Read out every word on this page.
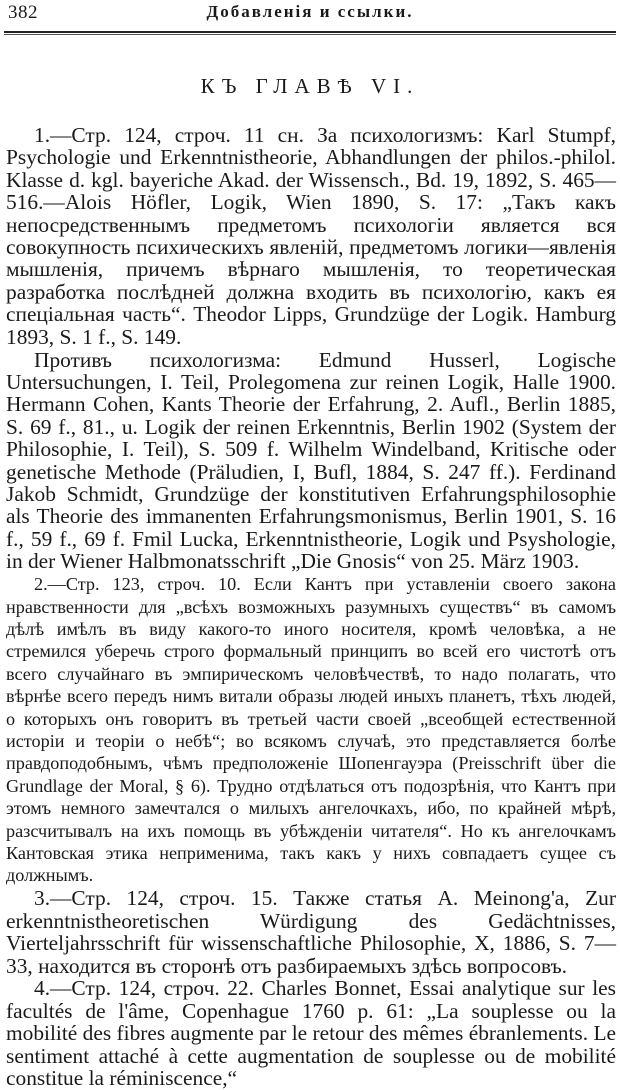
382	Добавленія и ссылки.
КЪ ГЛАВѢ VI.

1.—Стр. 124, строч. 11 сн. За психологизмъ: Karl Stumpf, Psychologie und Erkenntnistheorie, Abhandlungen der philos.-philol. Klasse d. kgl. bayeriche Akad. der Wissensch., Bd. 19, 1892, S. 465—516.—Alois Höfler, Logik, Wien 1890, S. 17: „Такъ какъ непосредственнымъ предметомъ психологіи является вся совокупность психическихъ явленій, предметомъ логики—явленія мышленія, причемъ вѣрнаго мышленія, то теоретическая разработка послѣдней должна входить въ психологію, какъ ея спеціальная часть“. Theodor Lipps, Grundzüge der Logik. Hamburg 1893, S. 1 f., S. 149.

Противъ психологизма: Edmund Husserl, Logische Untersuchungen, I. Teil, Prolegomena zur reinen Logik, Halle 1900. Hermann Cohen, Kants Theorie der Erfahrung, 2. Aufl., Berlin 1885, S. 69 f., 81., u. Logik der reinen Erkenntnis, Berlin 1902 (System der Philosophie, I. Teil), S. 509 f. Wilhelm Windelband, Kritische oder genetische Methode (Präludien, I, Bufl, 1884, S. 247 ff.). Ferdinand Jakob Schmidt, Grundzüge der konstitutiven Erfahrungsphilosophie als Theorie des immanenten Erfahrungsmonismus, Berlin 1901, S. 16 f., 59 f., 69 f. Fmil Lucka, Erkenntnistheorie, Logik und Psyshologie, in der Wiener Halbmonatsschrift „Die Gnosis“ von 25. März 1903.

2.—Стр. 123, строч. 10. Если Кантъ при уставленіи своего закона нравственности для „всѣхъ возможныхъ разумныхъ существъ“ въ самомъ дѣлѣ имѣлъ въ виду какого-то иного носителя, кромѣ человѣка, а не стремился уберечь строго формальный принципъ во всей его чистотѣ отъ всего случайнаго въ эмпирическомъ человѣчествѣ, то надо полагать, что вѣрнѣе всего передъ нимъ витали образы людей иныхъ планетъ, тѣхъ людей, о которыхъ онъ говоритъ въ третьей части своей „всеобщей естественной исторіи и теоріи о небѣ“; во всякомъ случаѣ, это представляется болѣе правдоподобнымъ, чѣмъ предположеніе Шопенгауэра (Preisschrift über die Grundlage der Moral, § 6). Трудно отдѣлаться отъ подозрѣнія, что Кантъ при этомъ немного замечтался о милыхъ ангелочкахъ, ибо, по крайней мѣрѣ, разсчитывалъ на ихъ помощь въ убѣжденіи читателя“. Но къ ангелочкамъ Кантовская этика неприменима, такъ какъ у нихъ совпадаетъ сущее съ должнымъ.

3.—Стр. 124, строч. 15. Также статья A. Meinong'a, Zur erkenntnistheoretischen Würdigung des Gedächtnisses, Vierteljahrsschrift für wissenschaftliche Philosophie, X, 1886, S. 7—33, находится въ сторонѣ отъ разбираемыхъ здѣсь вопросовъ.

4.—Стр. 124, строч. 22. Charles Bonnet, Essai analytique sur les facultés de l'âme, Copenhague 1760 p. 61: „La souplesse ou la mobilité des fibres augmente par le retour des mêmes ébranlements. Le sentiment attaché à cette augmentation de souplesse ou de mobilité constitue la réminiscence,“
